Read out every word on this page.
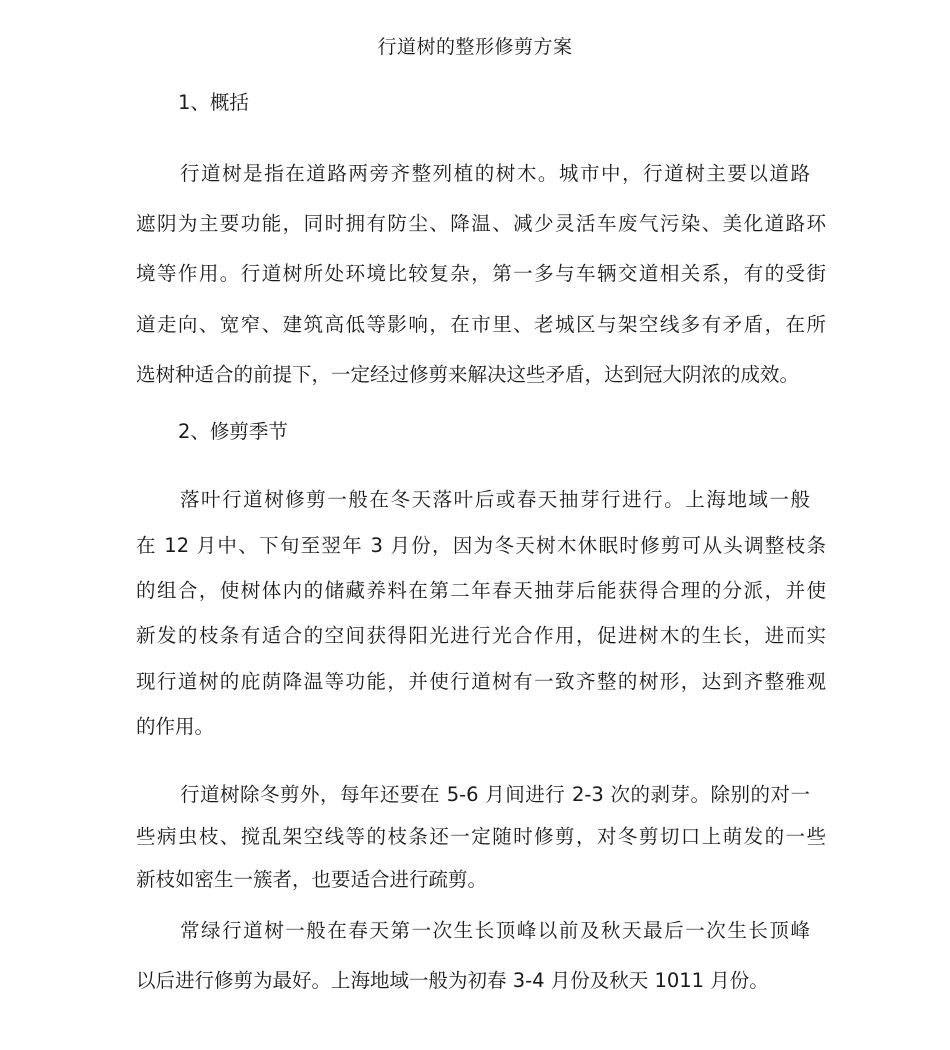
行道树的整形修剪方案
1、概括
行道树是指在道路两旁齐整列植的树木。城市中，行道树主要以道路
遮阴为主要功能，同时拥有防尘、降温、减少灵活车废气污染、美化道路环
境等作用。行道树所处环境比较复杂，第一多与车辆交道相关系，有的受街
道走向、宽窄、建筑高低等影响，在市里、老城区与架空线多有矛盾，在所
选树种适合的前提下，一定经过修剪来解决这些矛盾，达到冠大阴浓的成效。
2、修剪季节
落叶行道树修剪一般在冬天落叶后或春天抽芽行进行。上海地域一般
在 12 月中、下旬至翌年 3 月份，因为冬天树木休眠时修剪可从头调整枝条
的组合，使树体内的储藏养料在第二年春天抽芽后能获得合理的分派，并使
新发的枝条有适合的空间获得阳光进行光合作用，促进树木的生长，进而实
现行道树的庇荫降温等功能，并使行道树有一致齐整的树形，达到齐整雅观
的作用。
行道树除冬剪外，每年还要在 5-6 月间进行 2-3 次的剥芽。除别的对一
些病虫枝、搅乱架空线等的枝条还一定随时修剪，对冬剪切口上萌发的一些
新枝如密生一簇者，也要适合进行疏剪。
常绿行道树一般在春天第一次生长顶峰以前及秋天最后一次生长顶峰
以后进行修剪为最好。上海地域一般为初春 3-4 月份及秋天 1011 月份。
